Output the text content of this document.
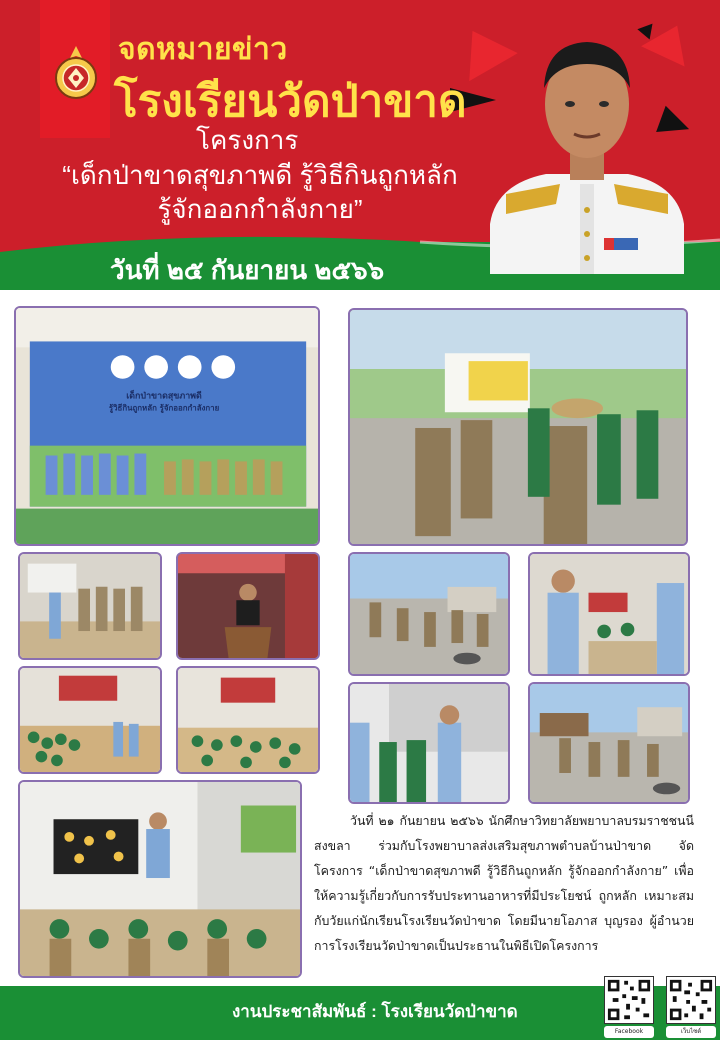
จดหมายข่าว
โรงเรียนวัดป่าขาด
โครงการ
“เด็กป่าขาดสุขภาพดี รู้วิธีกินถูกหลัก
รู้จักออกกำลังกาย”
วันที่ ๒๕ กันยายน ๒๕๖๖
เด็กป่าขาดสุขภาพดี
รู้วิธีกินถูกหลัก รู้จักออกกำลังกาย
วันที่ ๒๑ กันยายน ๒๕๖๖ นักศึกษาวิทยาลัยพยาบาลบรมราชชนนี สงขลา ร่วมกับโรงพยาบาลส่งเสริมสุขภาพตำบลบ้านป่าขาด จัดโครงการ “เด็กป่าขาดสุขภาพดี รู้วิธีกินถูกหลัก รู้จักออกกำลังกาย” เพื่อให้ความรู้เกี่ยวกับการรับประทานอาหารที่มีประโยชน์ ถูกหลัก เหมาะสมกับวัยแก่นักเรียนโรงเรียนวัดป่าขาด โดยมีนายโอภาส บุญรอง ผู้อำนวยการโรงเรียนวัดป่าขาดเป็นประธานในพิธีเปิดโครงการ
งานประชาสัมพันธ์ : โรงเรียนวัดป่าขาด
Facebook	เว็บไซต์
